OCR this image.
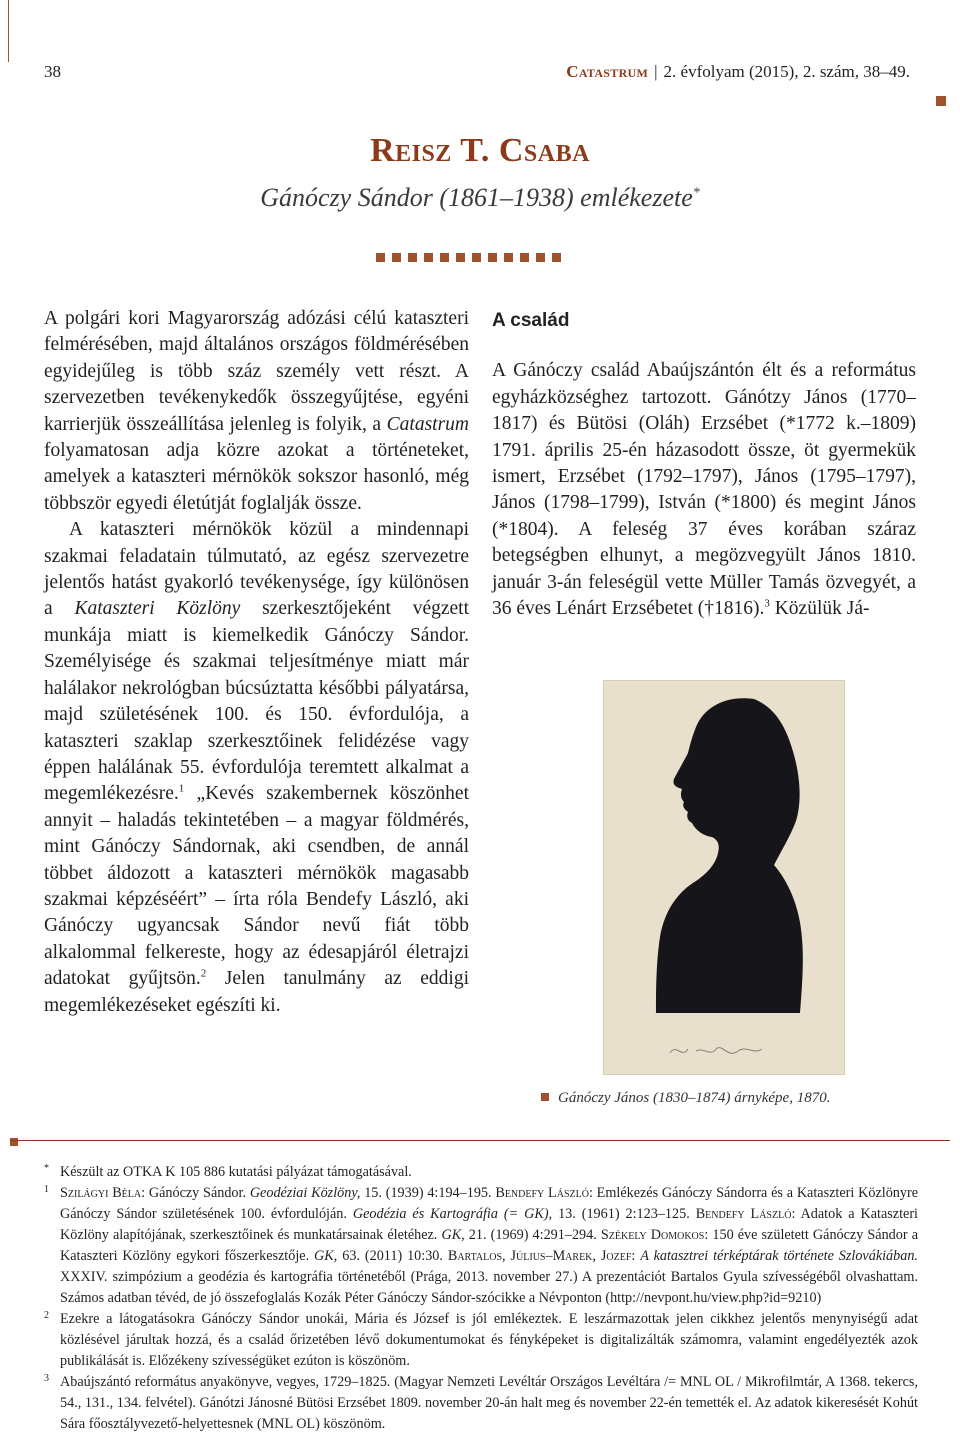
38	Catastrum | 2. évfolyam (2015), 2. szám, 38–49.
Reisz T. Csaba
Gánóczy Sándor (1861–1938) emlékezete*

A polgári kori Magyarország adózási célú kataszteri felmérésében, majd általános országos földmérésében egyidejűleg is több száz személy vett részt. A szervezetben tevékenykedők összegyűjtése, egyéni karrierjük összeállítása jelenleg is folyik, a Catastrum folyamatosan adja közre azokat a történeteket, amelyek a kataszteri mérnökök sokszor hasonló, még többször egyedi életútját foglalják össze.

A kataszteri mérnökök közül a mindennapi szakmai feladatain túlmutató, az egész szervezetre jelentős hatást gyakorló tevékenysége, így különösen a Kataszteri Közlöny szerkesztőjeként végzett munkája miatt is kiemelkedik Gánóczy Sándor. Személyisége és szakmai teljesítménye miatt már halálakor nekrológban búcsúztatta későbbi pályatársa, majd születésének 100. és 150. évfordulója, a kataszteri szaklap szerkesztőinek felidézése vagy éppen halálának 55. évfordulója teremtett alkalmat a megemlékezésre.$^1$ „Kevés szakembernek köszönhet annyit – haladás tekintetében – a magyar földmérés, mint Gánóczy Sándornak, aki csendben, de annál többet áldozott a kataszteri mérnökök magasabb szakmai képzéséért” – írta róla Bendefy László, aki Gánóczy ugyancsak Sándor nevű fiát több alkalommal felkereste, hogy az édesapjáról életrajzi adatokat gyűjtsön.$^2$ Jelen tanulmány az eddigi megemlékezéseket egészíti ki.

A család

A Gánóczy család Abaújszántón élt és a református egyházközséghez tartozott. Gánótzy János (1770–1817) és Bütösi (Oláh) Erzsébet (*1772 k.–1809) 1791. április 25-én házasodott össze, öt gyermekük ismert, Erzsébet (1792–1797), János (1795–1797), János (1798–1799), István (*1800) és megint János (*1804). A feleség 37 éves korában száraz betegségben elhunyt, a megözvegyült János 1810. január 3-án feleségül vette Müller Tamás özvegyét, a 36 éves Lénárt Erzsébetet (†1816).$^3$ Közülük Já-

Gánóczy János (1830–1874) árnyképe, 1870.

* Készült az OTKA K 105 886 kutatási pályázat támogatásával.

1 Szilágyi Béla: Gánóczy Sándor. Geodéziai Közlöny, 15. (1939) 4:194–195. Bendefy László: Emlékezés Gánóczy Sándorra és a Kataszteri Közlönyre Gánóczy Sándor születésének 100. évfordulóján. Geodézia és Kartográfia (= GK), 13. (1961) 2:123–125. Bendefy László: Adatok a Kataszteri Közlöny alapítójának, szerkesztőinek és munkatársainak életéhez. GK, 21. (1969) 4:291–294. Székely Domokos: 150 éve született Gánóczy Sándor a Kataszteri Közlöny egykori főszerkesztője. GK, 63. (2011) 10:30. Bartalos, Július–Marek, Jozef: A katasztrei térképtárak története Szlovákiában. XXXIV. szimpózium a geodézia és kartográfia történetéből (Prága, 2013. november 27.) A prezentációt Bartalos Gyula szívességéből olvashattam. Számos adatban tévéd, de jó összefoglalás Kozák Péter Gánóczy Sándor-szócikke a Névponton (http://nevpont.hu/view.php?id=9210)

2 Ezekre a látogatásokra Gánóczy Sándor unokái, Mária és József is jól emlékeztek. E leszármazottak jelen cikkhez jelentős menynyiségű adat közlésével járultak hozzá, és a család őrizetében lévő dokumentumokat és fényképeket is digitalizálták számomra, valamint engedélyezték azok publikálását is. Előzékeny szívességüket ezúton is köszönöm.

3 Abaújszántó református anyakönyve, vegyes, 1729–1825. (Magyar Nemzeti Levéltár Országos Levéltára /= MNL OL / Mikrofilmtár, A 1368. tekercs, 54., 131., 134. felvétel). Gánótzi Jánosné Bütösi Erzsébet 1809. november 20-án halt meg és november 22-én temették el. Az adatok kikeresését Kohút Sára főosztályvezető-helyettesnek (MNL OL) köszönöm.
